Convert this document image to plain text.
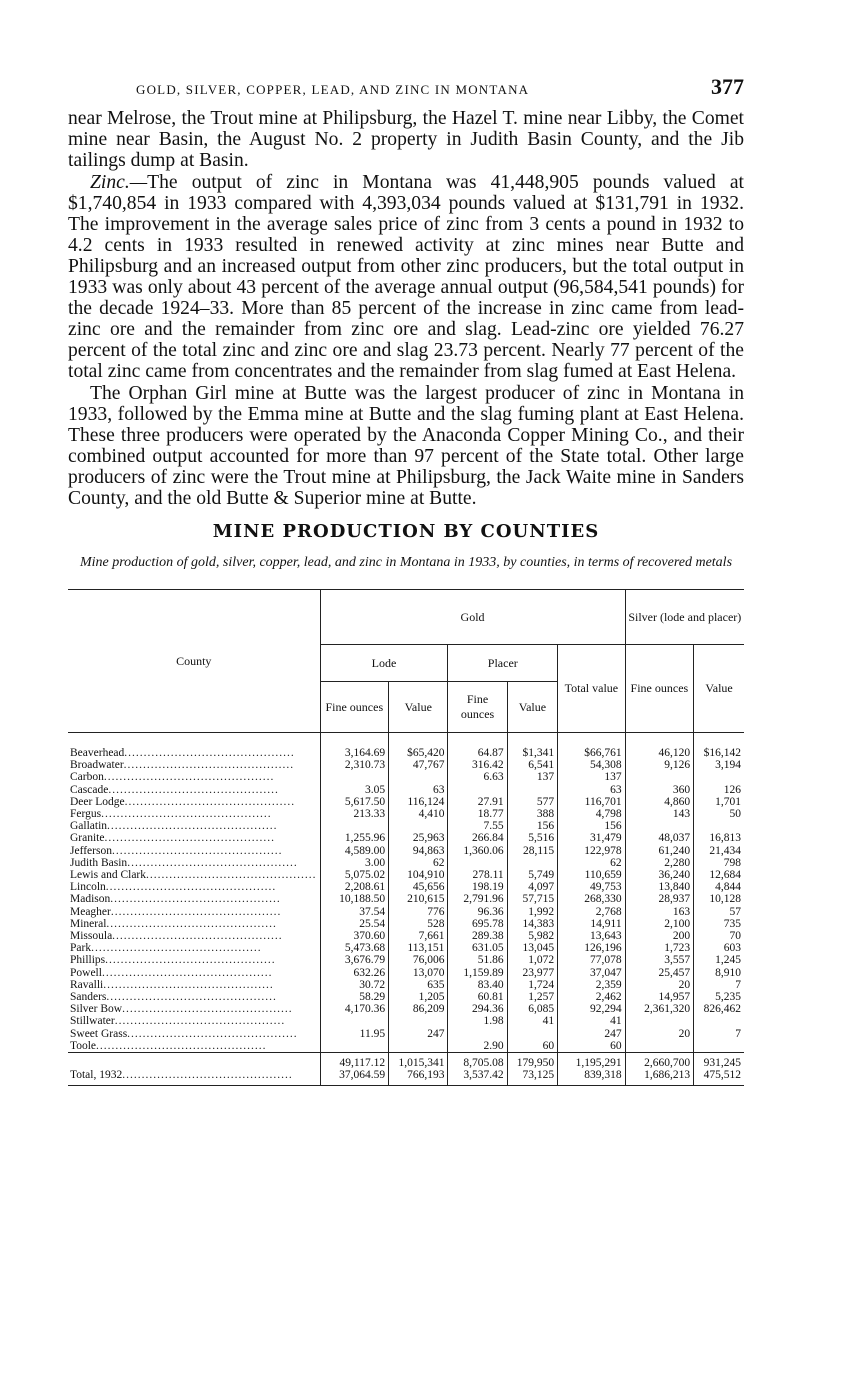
GOLD, SILVER, COPPER, LEAD, AND ZINC IN MONTANA	377

near Melrose, the Trout mine at Philipsburg, the Hazel T. mine near Libby, the Comet mine near Basin, the August No. 2 property in Judith Basin County, and the Jib tailings dump at Basin.

Zinc.—The output of zinc in Montana was 41,448,905 pounds valued at $1,740,854 in 1933 compared with 4,393,034 pounds valued at $131,791 in 1932. The improvement in the average sales price of zinc from 3 cents a pound in 1932 to 4.2 cents in 1933 resulted in renewed activity at zinc mines near Butte and Philipsburg and an increased output from other zinc producers, but the total output in 1933 was only about 43 percent of the average annual output (96,584,541 pounds) for the decade 1924–33. More than 85 percent of the increase in zinc came from lead-zinc ore and the remainder from zinc ore and slag. Lead-zinc ore yielded 76.27 percent of the total zinc and zinc ore and slag 23.73 percent. Nearly 77 percent of the total zinc came from concentrates and the remainder from slag fumed at East Helena.

The Orphan Girl mine at Butte was the largest producer of zinc in Montana in 1933, followed by the Emma mine at Butte and the slag fuming plant at East Helena. These three producers were operated by the Anaconda Copper Mining Co., and their combined output accounted for more than 97 percent of the State total. Other large producers of zinc were the Trout mine at Philipsburg, the Jack Waite mine in Sanders County, and the old Butte & Superior mine at Butte.

MINE PRODUCTION BY COUNTIES
Mine production of gold, silver, copper, lead, and zinc in Montana in 1933, by counties, in terms of recovered metals
County	Gold					Silver (lode and placer)	
	Lode		Placer		Total value	Fine ounces	Value
	Fine ounces	Value	Fine ounces	Value			

Beaverhead .....	3,164.69	$65,420	64.87	$1,341	$66,761	46,120	$16,142
Broadwater .....	2,310.73	47,767	316.42	6,541	54,308	9,126	3,194
Carbon .....			6.63	137	137		
Cascade .....	3.05	63			63	360	126
Deer Lodge .....	5,617.50	116,124	27.91	577	116,701	4,860	1,701
Fergus .....	213.33	4,410	18.77	388	4,798	143	50
Gallatin .....			7.55	156	156		
Granite .....	1,255.96	25,963	266.84	5,516	31,479	48,037	16,813
Jefferson .....	4,589.00	94,863	1,360.06	28,115	122,978	61,240	21,434
Judith Basin .....	3.00	62			62	2,280	798
Lewis and Clark .....	5,075.02	104,910	278.11	5,749	110,659	36,240	12,684
Lincoln .....	2,208.61	45,656	198.19	4,097	49,753	13,840	4,844
Madison .....	10,188.50	210,615	2,791.96	57,715	268,330	28,937	10,128
Meagher .....	37.54	776	96.36	1,992	2,768	163	57
Mineral .....	25.54	528	695.78	14,383	14,911	2,100	735
Missoula .....	370.60	7,661	289.38	5,982	13,643	200	70
Park .....	5,473.68	113,151	631.05	13,045	126,196	1,723	603
Phillips .....	3,676.79	76,006	51.86	1,072	77,078	3,557	1,245
Powell .....	632.26	13,070	1,159.89	23,977	37,047	25,457	8,910
Ravalli .....	30.72	635	83.40	1,724	2,359	20	7
Sanders .....	58.29	1,205	60.81	1,257	2,462	14,957	5,235
Silver Bow .....	4,170.36	86,209	294.36	6,085	92,294	2,361,320	826,462
Stillwater .....			1.98	41	41		
Sweet Grass .....	11.95	247			247	20	7
Toole .....			2.90	60	60		
	49,117.12	1,015,341	8,705.08	179,950	1,195,291	2,660,700	931,245
Total, 1932 .....	37,064.59	766,193	3,537.42	73,125	839,318	1,686,213	475,512
